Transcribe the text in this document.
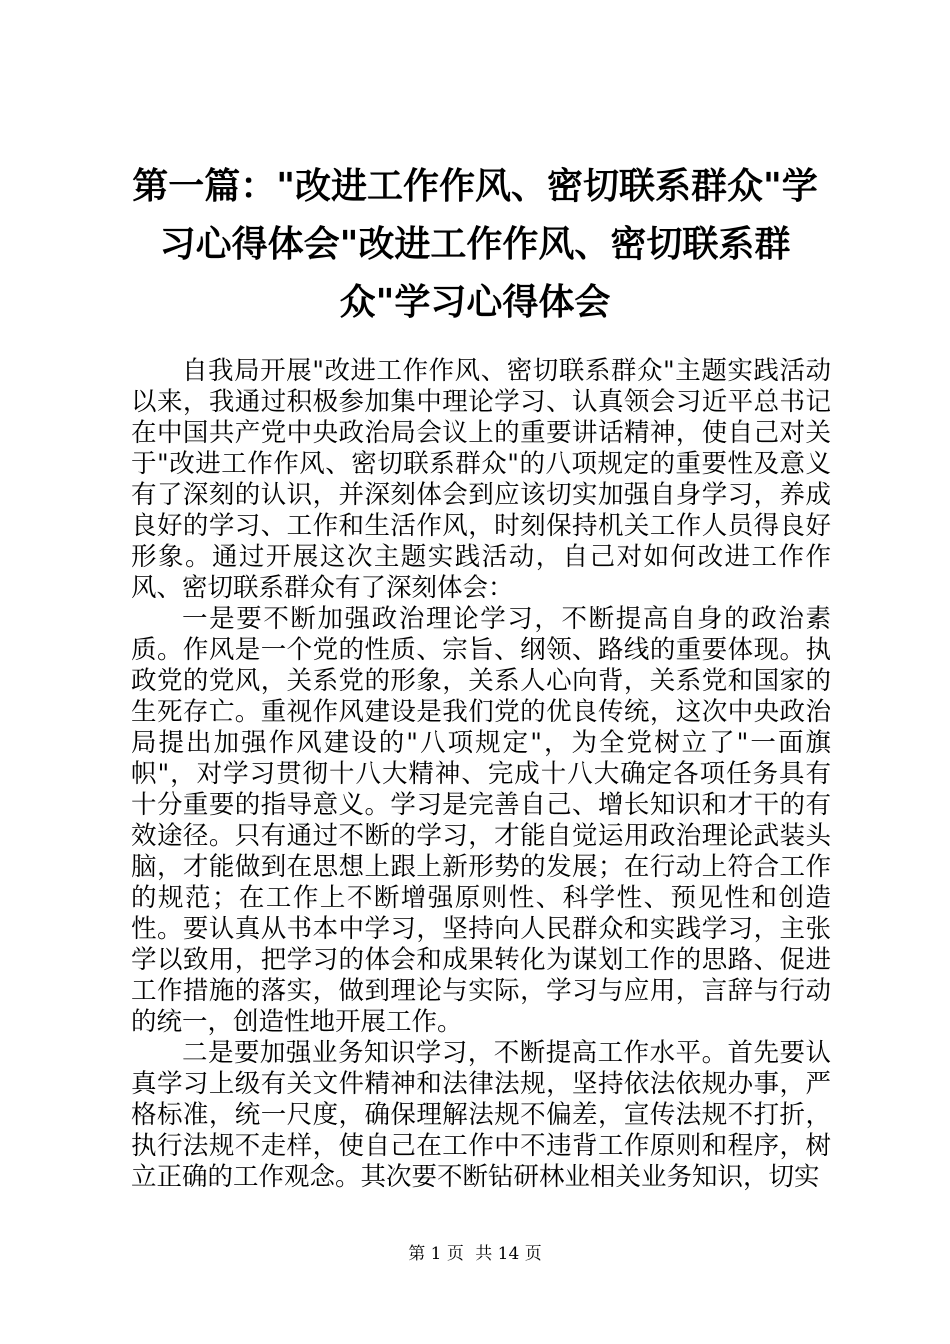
第一篇："改进工作作风、密切联系群众"学习心得体会"改进工作作风、密切联系群众"学习心得体会

自我局开展"改进工作作风、密切联系群众"主题实践活动以来，我通过积极参加集中理论学习、认真领会习近平总书记在中国共产党中央政治局会议上的重要讲话精神，使自己对关于"改进工作作风、密切联系群众"的八项规定的重要性及意义有了深刻的认识，并深刻体会到应该切实加强自身学习，养成良好的学习、工作和生活作风，时刻保持机关工作人员得良好形象。通过开展这次主题实践活动，自己对如何改进工作作风、密切联系群众有了深刻体会：

一是要不断加强政治理论学习，不断提高自身的政治素质。作风是一个党的性质、宗旨、纲领、路线的重要体现。执政党的党风，关系党的形象，关系人心向背，关系党和国家的生死存亡。重视作风建设是我们党的优良传统，这次中央政治局提出加强作风建设的"八项规定"，为全党树立了"一面旗帜"，对学习贯彻十八大精神、完成十八大确定各项任务具有十分重要的指导意义。学习是完善自己、增长知识和才干的有效途径。只有通过不断的学习，才能自觉运用政治理论武装头脑，才能做到在思想上跟上新形势的发展；在行动上符合工作的规范；在工作上不断增强原则性、科学性、预见性和创造性。要认真从书本中学习，坚持向人民群众和实践学习，主张学以致用，把学习的体会和成果转化为谋划工作的思路、促进工作措施的落实，做到理论与实际，学习与应用，言辞与行动的统一，创造性地开展工作。

二是要加强业务知识学习，不断提高工作水平。首先要认真学习上级有关文件精神和法律法规，坚持依法依规办事，严格标准，统一尺度，确保理解法规不偏差，宣传法规不打折，执行法规不走样，使自己在工作中不违背工作原则和程序，树立正确的工作观念。其次要不断钻研林业相关业务知识，切实

第 1 页 共 14 页
